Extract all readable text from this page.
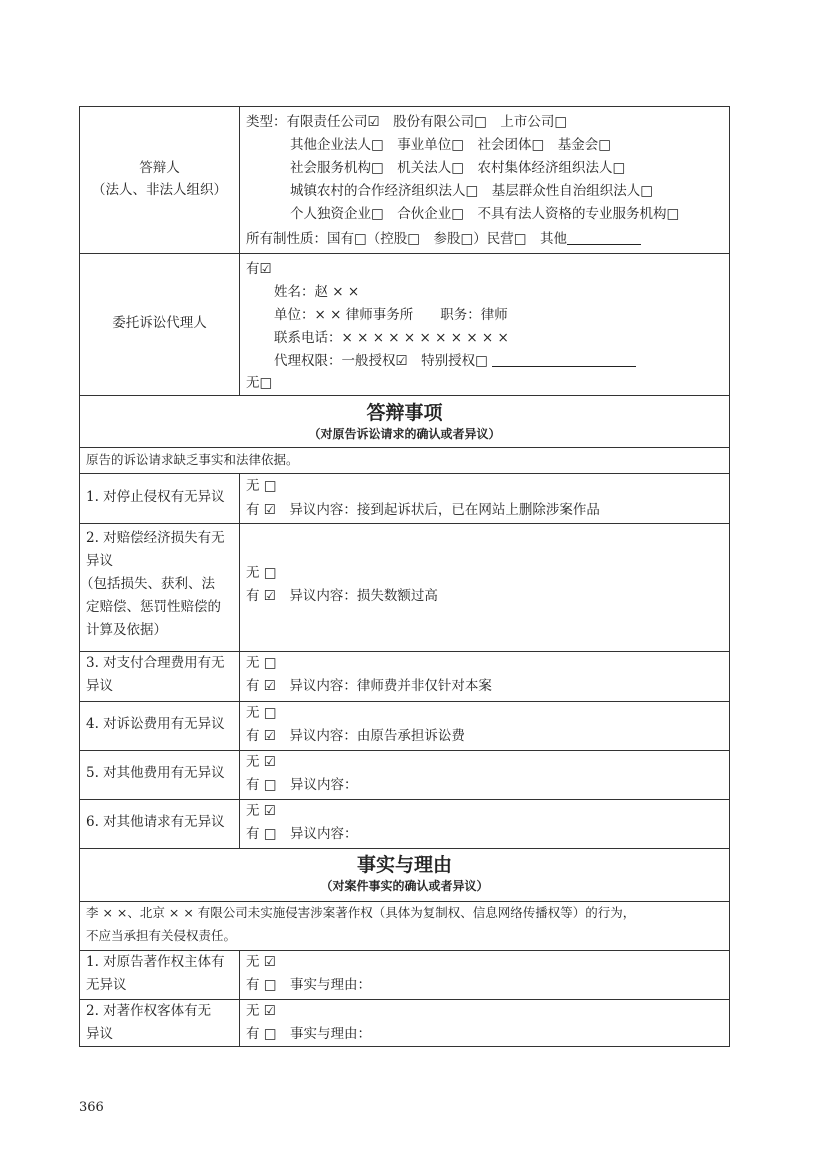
答辩人
（法人、非法人组织）
类型：有限责任公司☑　股份有限公司□　上市公司□
其他企业法人□　事业单位□　社会团体□　基金会□
社会服务机构□　机关法人□　农村集体经济组织法人□
城镇农村的合作经济组织法人□　基层群众性自治组织法人□
个人独资企业□　合伙企业□　不具有法人资格的专业服务机构□
所有制性质：国有□（控股□　参股□）民营□　其他
委托诉讼代理人
有☑
姓名：赵 × ×
单位：× × 律师事务所　　职务：律师
联系电话：× × × × × × × × × × ×
代理权限：一般授权☑　特别授权□
无□
答辩事项
（对原告诉讼请求的确认或者异议）
原告的诉讼请求缺乏事实和法律依据。
1. 对停止侵权有无异议
无 □
有 ☑　异议内容：接到起诉状后，已在网站上删除涉案作品
2. 对赔偿经济损失有无
异议
（包括损失、获利、法
定赔偿、惩罚性赔偿的
计算及依据）
无 □
有 ☑　异议内容：损失数额过高
3. 对支付合理费用有无
异议
无 □
有 ☑　异议内容：律师费并非仅针对本案
4. 对诉讼费用有无异议
无 □
有 ☑　异议内容：由原告承担诉讼费
5. 对其他费用有无异议
无 ☑
有 □　异议内容：
6. 对其他请求有无异议
无 ☑
有 □　异议内容：
事实与理由
（对案件事实的确认或者异议）
李 × ×、北京 × × 有限公司未实施侵害涉案著作权（具体为复制权、信息网络传播权等）的行为，
不应当承担有关侵权责任。
1. 对原告著作权主体有
无异议
无 ☑
有 □　事实与理由：
2. 对著作权客体有无
异议
无 ☑
有 □　事实与理由：
366
